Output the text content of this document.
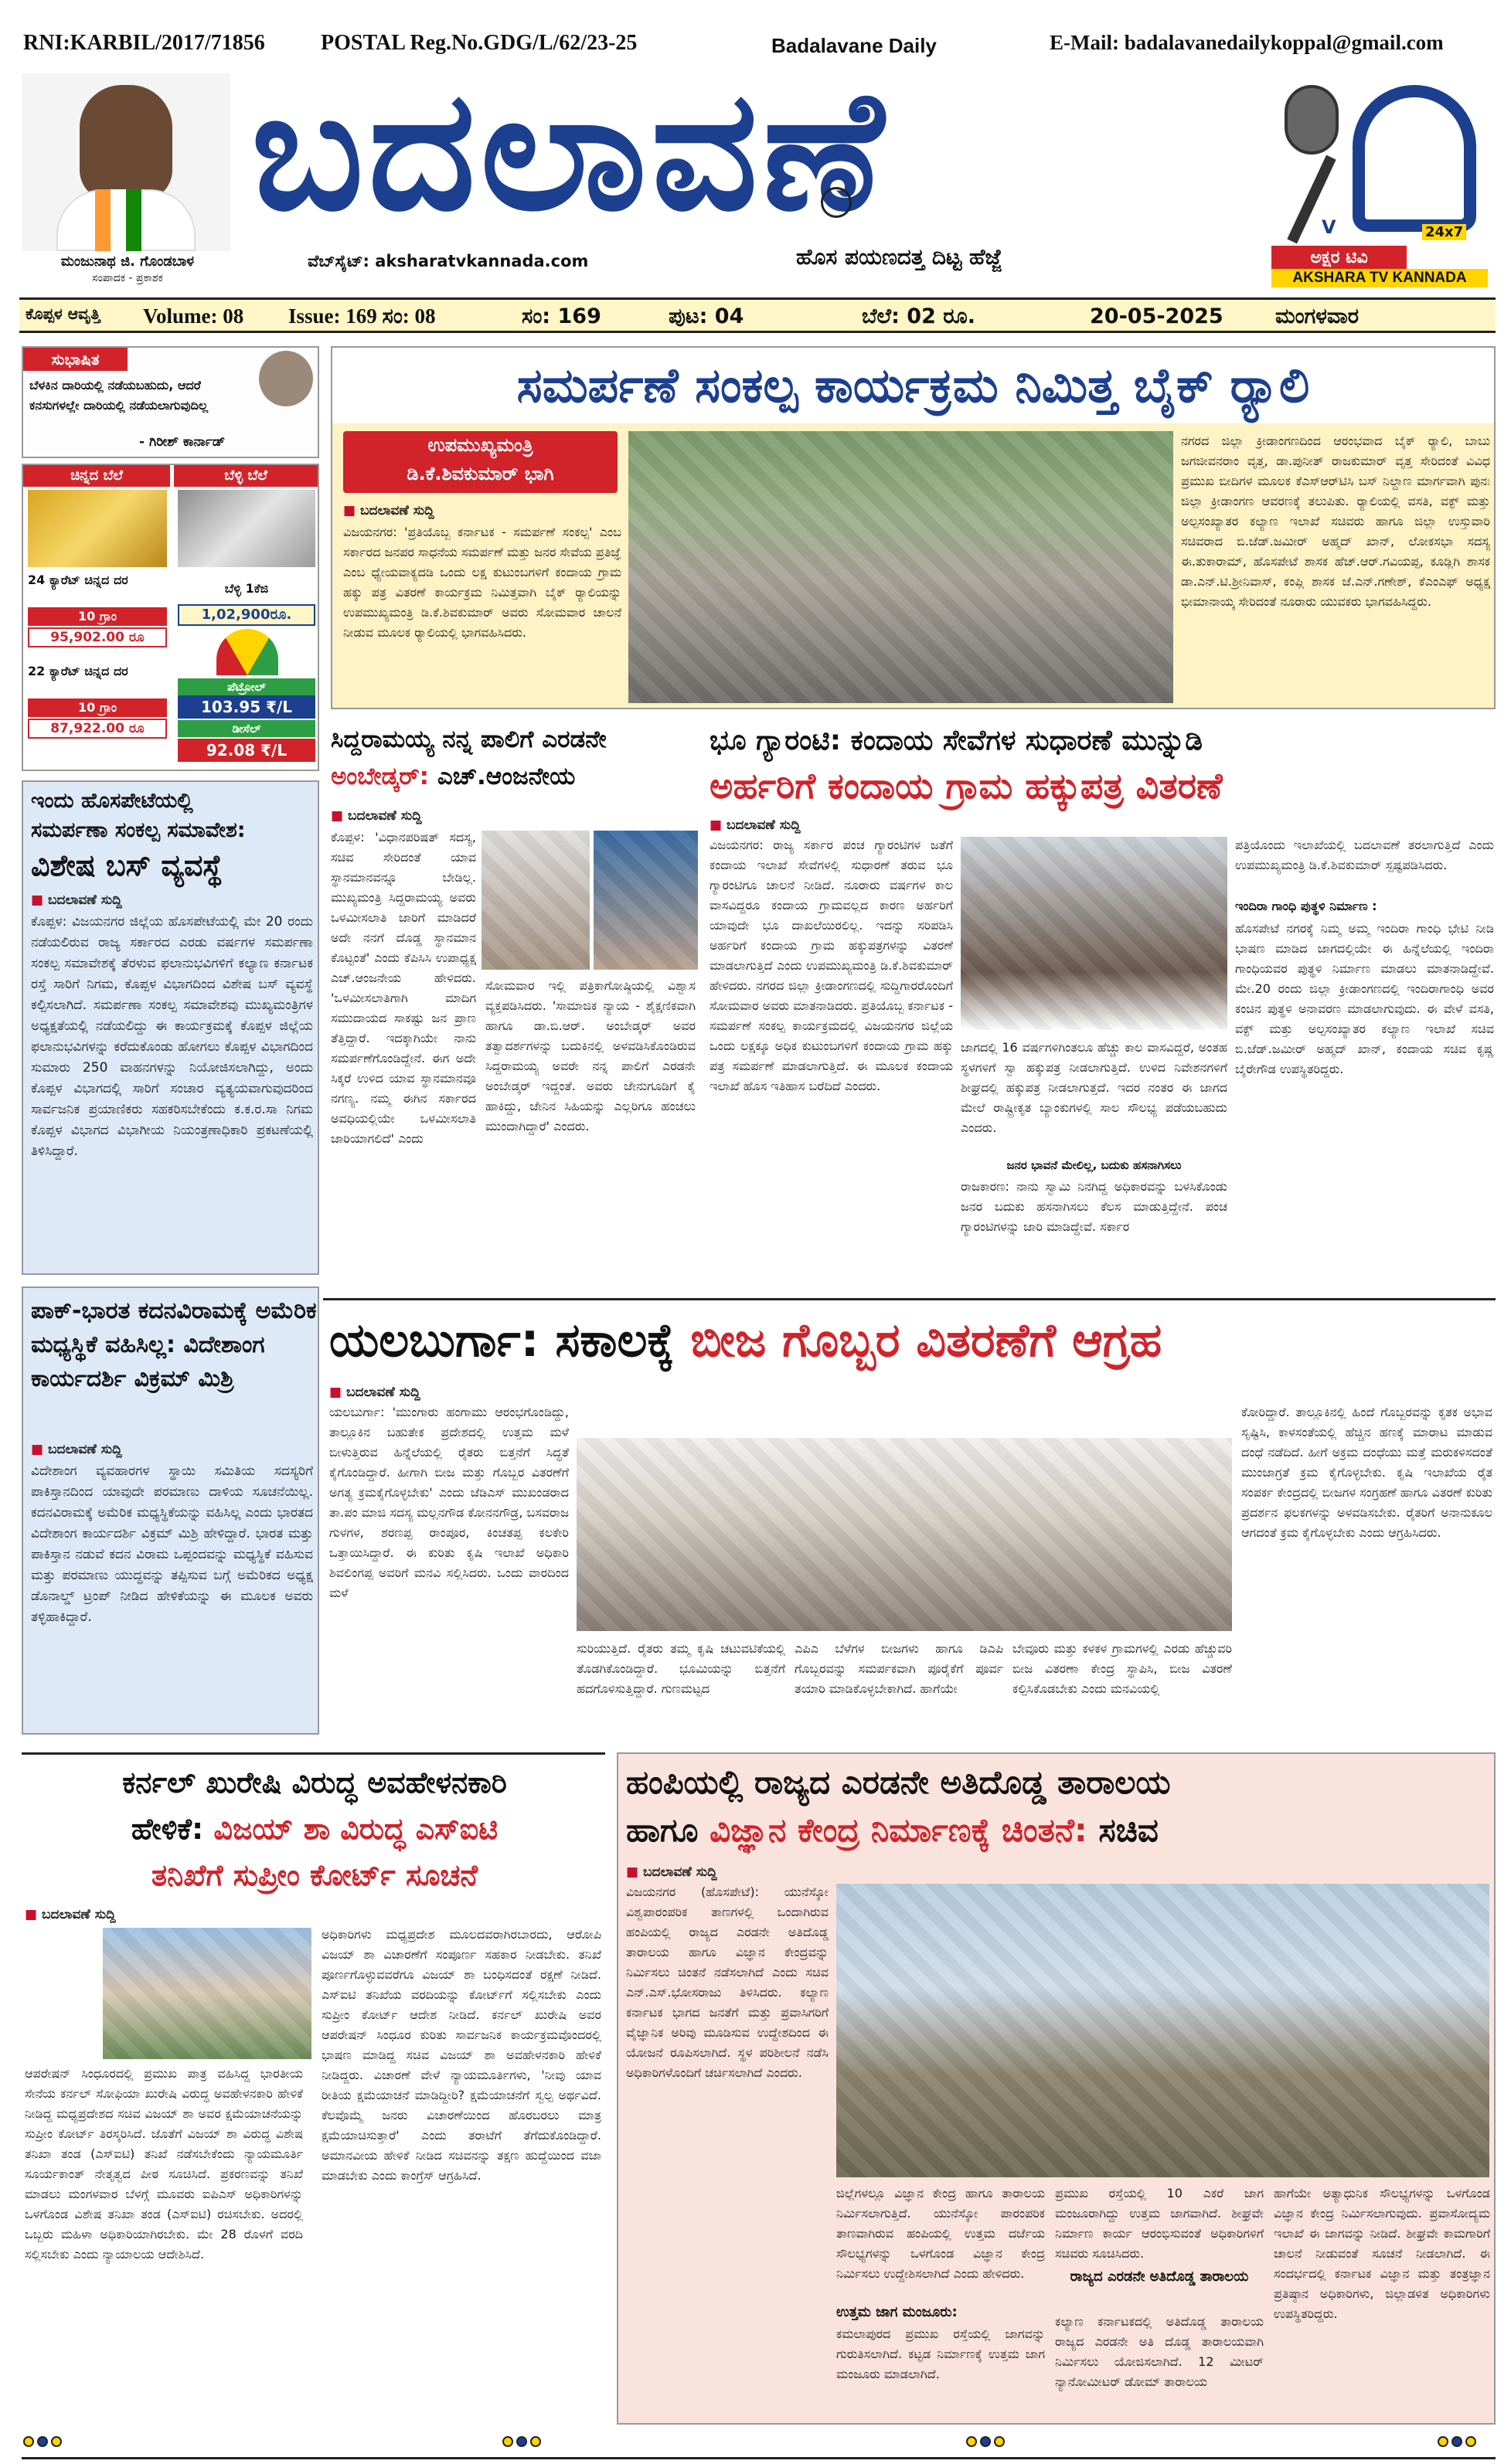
RNI:KARBIL/2017/71856	POSTAL Reg.No.GDG/L/62/23-25	Badalavane Daily	E-Mail: badalavanedailykoppal@gmail.com
ಮಂಜುನಾಥ ಜಿ. ಗೊಂಡಬಾಳ
ಸಂಪಾದಕ - ಪ್ರಕಾಶಕ
ಬದಲಾವಣೆ
ವೆಬ್‌ಸೈಟ್: aksharatvkannada.com	ಹೊಸ ಪಯಣದತ್ತ ದಿಟ್ಟ ಹೆಜ್ಜೆ
V	24x7
ಅಕ್ಷರ ಟಿವಿ
AKSHARA TV KANNADA
ಕೊಪ್ಪಳ ಆವೃತ್ತಿ Volume: 08 Issue: 169 ಸಂ: 08	ಸಂ: 169	ಪುಟ: 04	ಬೆಲೆ: 02 ರೂ.	20-05-2025 ಮಂಗಳವಾರ
ಸುಭಾಷಿತ
ಬೆಳಕಿನ ದಾರಿಯಲ್ಲಿ ನಡೆಯಬಹುದು, ಆದರೆ ಕನಸುಗಳಲ್ಲೇ ದಾರಿಯಲ್ಲಿ ನಡೆಯಲಾಗುವುದಿಲ್ಲ
- ಗಿರೀಶ್ ಕಾರ್ನಾಡ್
ಚಿನ್ನದ ಬೆಲೆ	ಬೆಳ್ಳಿ ಬೆಲೆ
24 ಕ್ಯಾರೆಟ್ ಚಿನ್ನದ ದರ
10 ಗ್ರಾಂ
95,902.00 ರೂ
22 ಕ್ಯಾರೆಟ್ ಚಿನ್ನದ ದರ
10 ಗ್ರಾಂ
87,922.00 ರೂ
ಬೆಳ್ಳಿ 1ಕೆಜಿ
1,02,900ರೂ.
ಪೆಟ್ರೋಲ್
103.95 ₹/L
ಡೀಸೆಲ್
92.08 ₹/L
ಇಂದು ಹೊಸಪೇಟೆಯಲ್ಲಿ
ಸಮರ್ಪಣಾ ಸಂಕಲ್ಪ ಸಮಾವೇಶ:
ವಿಶೇಷ ಬಸ್ ವ್ಯವಸ್ಥೆ
■ ಬದಲಾವಣೆ ಸುದ್ದಿ
ಕೊಪ್ಪಳ: ವಿಜಯನಗರ ಜಿಲ್ಲೆಯ ಹೊಸಪೇಟೆಯಲ್ಲಿ ಮೇ 20 ರಂದು ನಡೆಯಲಿರುವ ರಾಜ್ಯ ಸರ್ಕಾರದ ಎರಡು ವರ್ಷಗಳ ಸಮರ್ಪಣಾ ಸಂಕಲ್ಪ ಸಮಾವೇಶಕ್ಕೆ ತೆರಳುವ ಫಲಾನುಭವಿಗಳಿಗೆ ಕಲ್ಯಾಣ ಕರ್ನಾಟಕ ರಸ್ತೆ ಸಾರಿಗೆ ನಿಗಮ, ಕೊಪ್ಪಳ ವಿಭಾಗದಿಂದ ವಿಶೇಷ ಬಸ್ ವ್ಯವಸ್ಥೆ ಕಲ್ಪಿಸಲಾಗಿದೆ. ಸಮರ್ಪಣಾ ಸಂಕಲ್ಪ ಸಮಾವೇಶವು ಮುಖ್ಯಮಂತ್ರಿಗಳ ಅಧ್ಯಕ್ಷತೆಯಲ್ಲಿ ನಡೆಯಲಿದ್ದು ಈ ಕಾರ್ಯಕ್ರಮಕ್ಕೆ ಕೊಪ್ಪಳ ಜಿಲ್ಲೆಯ ಫಲಾನುಭವಿಗಳನ್ನು ಕರೆದುಕೊಂಡು ಹೋಗಲು ಕೊಪ್ಪಳ ವಿಭಾಗದಿಂದ ಸುಮಾರು 250 ವಾಹನಗಳನ್ನು ನಿಯೋಜಿಸಲಾಗಿದ್ದು, ಅಂದು ಕೊಪ್ಪಳ ವಿಭಾಗದಲ್ಲಿ ಸಾರಿಗೆ ಸಂಚಾರ ವ್ಯತ್ಯಯವಾಗುವುದರಿಂದ ಸಾರ್ವಜನಿಕ ಪ್ರಯಾಣಿಕರು ಸಹಕರಿಸಬೇಕೆಂದು ಕ.ಕ.ರ.ಸಾ ನಿಗಮ ಕೊಪ್ಪಳ ವಿಭಾಗದ ವಿಭಾಗೀಯ ನಿಯಂತ್ರಣಾಧಿಕಾರಿ ಪ್ರಕಟಣೆಯಲ್ಲಿ ತಿಳಿಸಿದ್ದಾರೆ.
ಪಾಕ್-ಭಾರತ ಕದನವಿರಾಮಕ್ಕೆ ಅಮೆರಿಕ ಮಧ್ಯಸ್ಥಿಕೆ ವಹಿಸಿಲ್ಲ: ವಿದೇಶಾಂಗ ಕಾರ್ಯದರ್ಶಿ ವಿಕ್ರಮ್ ಮಿಶ್ರಿ
■ ಬದಲಾವಣೆ ಸುದ್ದಿ
ವಿದೇಶಾಂಗ ವ್ಯವಹಾರಗಳ ಸ್ಥಾಯಿ ಸಮಿತಿಯ ಸದಸ್ಯರಿಗೆ ಪಾಕಿಸ್ತಾನದಿಂದ ಯಾವುದೇ ಪರಮಾಣು ದಾಳಿಯ ಸೂಚನೆಯಿಲ್ಲ. ಕದನವಿರಾಮಕ್ಕೆ ಅಮೆರಿಕ ಮಧ್ಯಸ್ಥಿಕೆಯನ್ನು ವಹಿಸಿಲ್ಲ ಎಂದು ಭಾರತದ ವಿದೇಶಾಂಗ ಕಾರ್ಯದರ್ಶಿ ವಿಕ್ರಮ್ ಮಿಶ್ರಿ ಹೇಳಿದ್ದಾರೆ. ಭಾರತ ಮತ್ತು ಪಾಕಿಸ್ತಾನ ನಡುವೆ ಕದನ ವಿರಾಮ ಒಪ್ಪಂದವನ್ನು ಮಧ್ಯಸ್ಥಿಕೆ ವಹಿಸುವ ಮತ್ತು ಪರಮಾಣು ಯುದ್ಧವನ್ನು ತಪ್ಪಿಸುವ ಬಗ್ಗೆ ಅಮೆರಿಕದ ಅಧ್ಯಕ್ಷ ಡೊನಾಲ್ಡ್ ಟ್ರಂಪ್ ನೀಡಿದ ಹೇಳಿಕೆಯನ್ನು ಈ ಮೂಲಕ ಅವರು ತಳ್ಳಿಹಾಕಿದ್ದಾರೆ.
ಸಮರ್ಪಣೆ ಸಂಕಲ್ಪ ಕಾರ್ಯಕ್ರಮ ನಿಮಿತ್ತ ಬೈಕ್ ರ್‍ಯಾಲಿ
ಉಪಮುಖ್ಯಮಂತ್ರಿ
ಡಿ.ಕೆ.ಶಿವಕುಮಾರ್ ಭಾಗಿ
■ ಬದಲಾವಣೆ ಸುದ್ದಿ
ವಿಜಯನಗರ: 'ಪ್ರತಿಯೊಬ್ಬ ಕರ್ನಾಟಕ - ಸಮರ್ಪಣೆ ಸಂಕಲ್ಪ' ಎಂಬ ಸರ್ಕಾರದ ಜನಪರ ಸಾಧನೆಯ ಸಮರ್ಪಣೆ ಮತ್ತು ಜನರ ಸೇವೆಯ ಪ್ರತಿಜ್ಞೆ ಎಂಬ ಧ್ಯೇಯವಾಕ್ಯದಡಿ ಒಂದು ಲಕ್ಷ ಕುಟುಂಬಗಳಿಗೆ ಕಂದಾಯ ಗ್ರಾಮ ಹಕ್ಕು ಪತ್ರ ವಿತರಣೆ ಕಾರ್ಯಕ್ರಮ ನಿಮಿತ್ತವಾಗಿ ಬೈಕ್ ರ್‍ಯಾಲಿಯನ್ನು ಉಪಮುಖ್ಯಮಂತ್ರಿ ಡಿ.ಕೆ.ಶಿವಕುಮಾರ್ ಅವರು ಸೋಮವಾರ ಚಾಲನೆ ನೀಡುವ ಮೂಲಕ ರ್‍ಯಾಲಿಯಲ್ಲಿ ಭಾಗವಹಿಸಿದರು.
ನಗರದ ಜಿಲ್ಲಾ ಕ್ರೀಡಾಂಗಣದಿಂದ ಆರಂಭವಾದ ಬೈಕ್ ರ್‍ಯಾಲಿ, ಬಾಬು ಜಗಜೀವನರಾಂ ವೃತ್ತ, ಡಾ.ಪುನೀತ್ ರಾಜಕುಮಾರ್ ವೃತ್ತ ಸೇರಿದಂತೆ ವಿವಿಧ ಪ್ರಮುಖ ಬೀದಿಗಳ ಮೂಲಕ ಕೆಎಸ್‌ಆರ್‌ಟಿಸಿ ಬಸ್ ನಿಲ್ದಾಣ ಮಾರ್ಗವಾಗಿ ಪುನಃ ಜಿಲ್ಲಾ ಕ್ರೀಡಾಂಗಣ ಆವರಣಕ್ಕೆ ತಲುಪಿತು. ರ್‍ಯಾಲಿಯಲ್ಲಿ ವಸತಿ, ವಕ್ಫ್ ಮತ್ತು ಅಲ್ಪಸಂಖ್ಯಾತರ ಕಲ್ಯಾಣ ಇಲಾಖೆ ಸಚಿವರು ಹಾಗೂ ಜಿಲ್ಲಾ ಉಸ್ತುವಾರಿ ಸಚಿವರಾದ ಬಿ.ಜೆಡ್.ಜಮೀರ್ ಅಹ್ಮದ್ ಖಾನ್, ಲೋಕಸಭಾ ಸದಸ್ಯ ಈ.ತುಕಾರಾಮ್, ಹೊಸಪೇಟೆ ಶಾಸಕ ಹೆಚ್.ಆರ್.ಗವಿಯಪ್ಪ, ಕೂಡ್ಲಿಗಿ ಶಾಸಕ ಡಾ.ಎನ್.ಟಿ.ಶ್ರೀನಿವಾಸ್, ಕಂಪ್ಲಿ ಶಾಸಕ ಜೆ.ಎನ್.ಗಣೇಶ್, ಕೆಎಂಎಫ್ ಅಧ್ಯಕ್ಷ ಭೀಮಾನಾಯ್ಕ ಸೇರಿದಂತೆ ನೂರಾರು ಯುವಕರು ಭಾಗವಹಿಸಿದ್ದರು.
ಸಿದ್ದರಾಮಯ್ಯ ನನ್ನ ಪಾಲಿಗೆ ಎರಡನೇ
ಅಂಬೇಡ್ಕರ್: ಎಚ್.ಆಂಜನೇಯ
■ ಬದಲಾವಣೆ ಸುದ್ದಿ
ಕೊಪ್ಪಳ: 'ವಿಧಾನಪರಿಷತ್ ಸದಸ್ಯ, ಸಚಿವ ಸೇರಿದಂತೆ ಯಾವ ಸ್ಥಾನಮಾನವನ್ನೂ ಬೇಡಿಲ್ಲ. ಮುಖ್ಯಮಂತ್ರಿ ಸಿದ್ದರಾಮಯ್ಯ ಅವರು ಒಳಮೀಸಲಾತಿ ಜಾರಿಗೆ ಮಾಡಿದರೆ ಅದೇ ನನಗೆ ದೊಡ್ಡ ಸ್ಥಾನಮಾನ ಕೊಟ್ಟಂತೆ' ಎಂದು ಕೆಪಿಸಿಸಿ ಉಪಾಧ್ಯಕ್ಷ ಎಚ್.ಆಂಜನೇಯ ಹೇಳಿದರು. 'ಒಳಮೀಸಲಾತಿಗಾಗಿ ಮಾದಿಗ ಸಮುದಾಯದ ಸಾಕಷ್ಟು ಜನ ಪ್ರಾಣ ತೆತ್ತಿದ್ದಾರೆ. ಇದಕ್ಕಾಗಿಯೇ ನಾನು ಸಮರ್ಪಣೆಗೊಂಡಿದ್ದೇನೆ. ಈಗ ಅದೇ ಸಿಕ್ಕರೆ ಉಳಿದ ಯಾವ ಸ್ಥಾನಮಾನವೂ ನಗಣ್ಯ. ನಮ್ಮ ಈಗಿನ ಸರ್ಕಾರದ ಅವಧಿಯಲ್ಲಿಯೇ ಒಳಮೀಸಲಾತಿ ಜಾರಿಯಾಗಲಿದೆ' ಎಂದು
ಸೋಮವಾರ ಇಲ್ಲಿ ಪತ್ರಿಕಾಗೋಷ್ಠಿಯಲ್ಲಿ ವಿಶ್ವಾಸ ವ್ಯಕ್ತಪಡಿಸಿದರು. 'ಸಾಮಾಜಿಕ ನ್ಯಾಯ - ಶೈಕ್ಷಣಿಕವಾಗಿ ಹಾಗೂ ಡಾ.ಬಿ.ಆರ್. ಅಂಬೇಡ್ಕರ್ ಅವರ ತತ್ವಾದರ್ಶಗಳನ್ನು ಬದುಕಿನಲ್ಲಿ ಅಳವಡಿಸಿಕೊಂಡಿರುವ ಸಿದ್ದರಾಮಯ್ಯ ಅವರೇ ನನ್ನ ಪಾಲಿಗೆ ಎರಡನೇ ಅಂಬೇಡ್ಕರ್ ಇದ್ದಂತೆ. ಅವರು ಜೇನುಗೂಡಿಗೆ ಕೈ ಹಾಕಿದ್ದು, ಜೇನಿನ ಸಿಹಿಯನ್ನು ಎಲ್ಲರಿಗೂ ಹಂಚಲು ಮುಂದಾಗಿದ್ದಾರೆ' ಎಂದರು.
ಭೂ ಗ್ಯಾರಂಟಿ: ಕಂದಾಯ ಸೇವೆಗಳ ಸುಧಾರಣೆ ಮುನ್ನುಡಿ
ಅರ್ಹರಿಗೆ ಕಂದಾಯ ಗ್ರಾಮ ಹಕ್ಕುಪತ್ರ ವಿತರಣೆ
■ ಬದಲಾವಣೆ ಸುದ್ದಿ
ವಿಜಯನಗರ: ರಾಜ್ಯ ಸರ್ಕಾರ ಪಂಚ ಗ್ಯಾರಂಟಿಗಳ ಜತೆಗೆ ಕಂದಾಯ ಇಲಾಖೆ ಸೇವೆಗಳಲ್ಲಿ ಸುಧಾರಣೆ ತರುವ ಭೂ ಗ್ಯಾರಂಟಿಗೂ ಚಾಲನೆ ನೀಡಿದೆ. ನೂರಾರು ವರ್ಷಗಳ ಕಾಲ ವಾಸವಿದ್ದರೂ ಕಂದಾಯ ಗ್ರಾಮವಲ್ಲದ ಕಾರಣ ಅರ್ಹರಿಗೆ ಯಾವುದೇ ಭೂ ದಾಖಲೆಯಿರಲಿಲ್ಲ. ಇದನ್ನು ಸರಿಪಡಿಸಿ ಅರ್ಹರಿಗೆ ಕಂದಾಯ ಗ್ರಾಮ ಹಕ್ಕುಪತ್ರಗಳನ್ನು ವಿತರಣೆ ಮಾಡಲಾಗುತ್ತಿದೆ ಎಂದು ಉಪಮುಖ್ಯಮಂತ್ರಿ ಡಿ.ಕೆ.ಶಿವಕುಮಾರ್ ಹೇಳಿದರು. ನಗರದ ಜಿಲ್ಲಾ ಕ್ರೀಡಾಂಗಣದಲ್ಲಿ ಸುದ್ದಿಗಾರರೊಂದಿಗೆ ಸೋಮವಾರ ಅವರು ಮಾತನಾಡಿದರು. ಪ್ರತಿಯೊಬ್ಬ ಕರ್ನಾಟಕ - ಸಮರ್ಪಣೆ ಸಂಕಲ್ಪ ಕಾರ್ಯಕ್ರಮದಲ್ಲಿ ವಿಜಯನಗರ ಜಿಲ್ಲೆಯ ಒಂದು ಲಕ್ಷಕ್ಕೂ ಅಧಿಕ ಕುಟುಂಬಗಳಿಗೆ ಕಂದಾಯ ಗ್ರಾಮ ಹಕ್ಕು ಪತ್ರ ಸಮರ್ಪಣೆ ಮಾಡಲಾಗುತ್ತಿದೆ. ಈ ಮೂಲಕ ಕಂದಾಯ ಇಲಾಖೆ ಹೊಸ ಇತಿಹಾಸ ಬರೆದಿದೆ ಎಂದರು.
ಜಾಗದಲ್ಲಿ 16 ವರ್ಷಗಳಿಗಿಂತಲೂ ಹೆಚ್ಚು ಕಾಲ ವಾಸವಿದ್ದರೆ, ಅಂತಹ ಸ್ಥಳಗಳಿಗೆ ಸ್ವಾ ಹಕ್ಕುಪತ್ರ ನೀಡಲಾಗುತ್ತಿದೆ. ಉಳಿದ ನಿವೇಶನಗಳಿಗೆ ಶೀಘ್ರದಲ್ಲಿ ಹಕ್ಕುಪತ್ರ ನೀಡಲಾಗುತ್ತದೆ. ಇದರ ನಂತರ ಈ ಜಾಗದ ಮೇಲೆ ರಾಷ್ಟ್ರೀಕೃತ ಬ್ಯಾಂಕುಗಳಲ್ಲಿ ಸಾಲ ಸೌಲಭ್ಯ ಪಡೆಯಬಹುದು ಎಂದರು.
ಜನರ ಭಾವನೆ ಮೇಲಿಲ್ಲ, ಬದುಕು ಹಸನಾಗಿಸಲು
ರಾಜಕಾರಣ: ನಾನು ಸ್ವಾಮಿ ನಿನಗಿದ್ದ ಅಧಿಕಾರವನ್ನು ಬಳಸಿಕೊಂಡು ಜನರ ಬದುಕು ಹಸನಾಗಿಸಲು ಕೆಲಸ ಮಾಡುತ್ತಿದ್ದೇನೆ. ಪಂಚ ಗ್ಯಾರಂಟಿಗಳನ್ನು ಜಾರಿ ಮಾಡಿದ್ದೇವೆ. ಸರ್ಕಾರ
ಪತ್ರಿಯೊಂದು ಇಲಾಖೆಯಲ್ಲಿ ಬದಲಾವಣೆ ತರಲಾಗುತ್ತಿದೆ ಎಂದು ಉಪಮುಖ್ಯಮಂತ್ರಿ ಡಿ.ಕೆ.ಶಿವಕುಮಾರ್ ಸ್ಪಷ್ಟಪಡಿಸಿದರು.
ಇಂದಿರಾ ಗಾಂಧಿ ಪುತ್ಥಳಿ ನಿರ್ಮಾಣ :
ಹೊಸಪೇಟೆ ನಗರಕ್ಕೆ ನಿಮ್ಮ ಅಮ್ಮ ಇಂದಿರಾ ಗಾಂಧಿ ಭೇಟಿ ನೀಡಿ ಭಾಷಣ ಮಾಡಿದ ಜಾಗದಲ್ಲಿಯೇ ಈ ಹಿನ್ನೆಲೆಯಲ್ಲಿ ಇಂದಿರಾ ಗಾಂಧಿಯವರ ಪುತ್ಥಳಿ ನಿರ್ಮಾಣ ಮಾಡಲು ಮಾತನಾಡಿದ್ದೇವೆ. ಮೇ.20 ರಂದು ಜಿಲ್ಲಾ ಕ್ರೀಡಾಂಗಣದಲ್ಲಿ ಇಂದಿರಾಗಾಂಧಿ ಅವರ ಕಂಚಿನ ಪುತ್ಥಳಿ ಅನಾವರಣ ಮಾಡಲಾಗುವುದು. ಈ ವೇಳೆ ವಸತಿ, ವಕ್ಫ್ ಮತ್ತು ಅಲ್ಪಸಂಖ್ಯಾತರ ಕಲ್ಯಾಣ ಇಲಾಖೆ ಸಚಿವ ಬಿ.ಜೆಡ್.ಜಮೀರ್ ಅಹ್ಮದ್ ಖಾನ್, ಕಂದಾಯ ಸಚಿವ ಕೃಷ್ಣ ಬೈರೇಗೌಡ ಉಪಸ್ಥಿತರಿದ್ದರು.
ಯಲಬುರ್ಗಾ: ಸಕಾಲಕ್ಕೆ ಬೀಜ ಗೊಬ್ಬರ ವಿತರಣೆಗೆ ಆಗ್ರಹ
■ ಬದಲಾವಣೆ ಸುದ್ದಿ
ಯಲಬುರ್ಗಾ: 'ಮುಂಗಾರು ಹಂಗಾಮು ಆರಂಭಗೊಂಡಿದ್ದು, ತಾಲ್ಲೂಕಿನ ಬಹುತೇಕ ಪ್ರದೇಶದಲ್ಲಿ ಉತ್ತಮ ಮಳೆ ಬೀಳುತ್ತಿರುವ ಹಿನ್ನೆಲೆಯಲ್ಲಿ ರೈತರು ಬಿತ್ತನೆಗೆ ಸಿದ್ಧತೆ ಕೈಗೊಂಡಿದ್ದಾರೆ. ಹೀಗಾಗಿ ಬೀಜ ಮತ್ತು ಗೊಬ್ಬರ ವಿತರಣೆಗೆ ಅಗತ್ಯ ಕ್ರಮಕೈಗೊಳ್ಳಬೇಕು' ಎಂದು ಜೆಡಿಎಸ್ ಮುಖಂಡರಾದ ತಾ.ಪಂ ಮಾಜಿ ಸದಸ್ಯ ಮಲ್ಲನಗೌಡ ಕೋನನಗೌಡ್ರ, ಬಸವರಾಜ ಗುಳಗಳ, ಶರಣಪ್ಪ ರಾಂಪೂರ, ಕಿಂಚತಪ್ಪ ಕಲಕೇರಿ ಒತ್ತಾಯಿಸಿದ್ದಾರೆ. ಈ ಕುರಿತು ಕೃಷಿ ಇಲಾಖೆ ಅಧಿಕಾರಿ ಶಿವಲಿಂಗಪ್ಪ ಅವರಿಗೆ ಮನವಿ ಸಲ್ಲಿಸಿದರು. ಒಂದು ವಾರದಿಂದ ಮಳೆ
ಸುರಿಯುತ್ತಿದೆ. ರೈತರು ತಮ್ಮ ಕೃಷಿ ಚಟುವಟಿಕೆಯಲ್ಲಿ ತೊಡಗಿಕೊಂಡಿದ್ದಾರೆ. ಭೂಮಿಯನ್ನು ಬಿತ್ತನೆಗೆ ಹದಗೊಳಿಸುತ್ತಿದ್ದಾರೆ. ಗುಣಮಟ್ಟದ
ಎಪಿಎ ಬೆಳೆಗಳ ಬೀಜಗಳು ಹಾಗೂ ಡಿಎಪಿ ಗೊಬ್ಬರವನ್ನು ಸಮರ್ಪಕವಾಗಿ ಪೂರೈಕೆಗೆ ಪೂರ್ವ ತಯಾರಿ ಮಾಡಿಕೊಳ್ಳಬೇಕಾಗಿದೆ. ಹಾಗೆಯೇ
ಬೇವೂರು ಮತ್ತು ಕಳಕಳ ಗ್ರಾಮಗಳಲ್ಲಿ ಎರಡು ಹೆಚ್ಚುವರಿ ಬೀಜ ವಿತರಣಾ ಕೇಂದ್ರ ಸ್ಥಾಪಿಸಿ, ಬೀಜ ವಿತರಣೆ ಕಲ್ಪಿಸಿಕೊಡಬೇಕು ಎಂದು ಮನವಿಯಲ್ಲಿ
ಕೋರಿದ್ದಾರೆ. ತಾಲ್ಲೂಕಿನಲ್ಲಿ ಹಿಂದೆ ಗೊಬ್ಬರವನ್ನು ಕೃತಕ ಅಭಾವ ಸೃಷ್ಟಿಸಿ, ಕಾಳಸಂತೆಯಲ್ಲಿ ಹೆಚ್ಚಿನ ಹಣಕ್ಕೆ ಮಾರಾಟ ಮಾಡುವ ದಂಧೆ ನಡೆದಿದೆ. ಹೀಗೆ ಅಕ್ರಮ ದಂಧೆಯು ಮತ್ತೆ ಮರುಕಳಿಸದಂತೆ ಮುಂಜಾಗ್ರತೆ ಕ್ರಮ ಕೈಗೊಳ್ಳಬೇಕು. ಕೃಷಿ ಇಲಾಖೆಯ ರೈತ ಸಂಪರ್ಕ ಕೇಂದ್ರದಲ್ಲಿ ಬೀಜಗಳ ಸಂಗ್ರಹಣೆ ಹಾಗೂ ವಿತರಣೆ ಕುರಿತು ಪ್ರದರ್ಶನ ಫಲಕಗಳನ್ನು ಅಳವಡಿಸಬೇಕು. ರೈತರಿಗೆ ಅನಾನುಕೂಲ ಆಗದಂತೆ ಕ್ರಮ ಕೈಗೊಳ್ಳಬೇಕು ಎಂದು ಆಗ್ರಹಿಸಿದರು.
ಕರ್ನಲ್ ಖುರೇಷಿ ವಿರುದ್ಧ ಅವಹೇಳನಕಾರಿ
ಹೇಳಿಕೆ: ವಿಜಯ್ ಶಾ ವಿರುದ್ಧ ಎಸ್‌ಐಟಿ
ತನಿಖೆಗೆ ಸುಪ್ರೀಂ ಕೋರ್ಟ್ ಸೂಚನೆ
■ ಬದಲಾವಣೆ ಸುದ್ದಿ
ಆಪರೇಷನ್ ಸಿಂಧೂರದಲ್ಲಿ ಪ್ರಮುಖ ಪಾತ್ರ ವಹಿಸಿದ್ದ ಭಾರತೀಯ ಸೇನೆಯ ಕರ್ನಲ್ ಸೋಫಿಯಾ ಖುರೇಷಿ ವಿರುದ್ಧ ಅವಹೇಳನಕಾರಿ ಹೇಳಿಕೆ ನೀಡಿದ್ದ ಮಧ್ಯಪ್ರದೇಶದ ಸಚಿವ ವಿಜಯ್ ಶಾ ಅವರ ಕ್ಷಮೆಯಾಚನೆಯನ್ನು ಸುಪ್ರೀಂ ಕೋರ್ಟ್ ತಿರಸ್ಕರಿಸಿದೆ. ಜೊತೆಗೆ ವಿಜಯ್ ಶಾ ವಿರುದ್ಧ ವಿಶೇಷ ತನಿಖಾ ತಂಡ (ಎಸ್‌ಐಟಿ) ತನಿಖೆ ನಡೆಸಬೇಕೆಂದು ನ್ಯಾಯಮೂರ್ತಿ ಸೂರ್ಯಕಾಂತ್ ನೇತೃತ್ವದ ಪೀಠ ಸೂಚಿಸಿದೆ. ಪ್ರಕರಣವನ್ನು ತನಿಖೆ ಮಾಡಲು ಮಂಗಳವಾರ ಬೆಳಗ್ಗೆ ಮೂವರು ಐಪಿಎಸ್ ಅಧಿಕಾರಿಗಳನ್ನು ಒಳಗೊಂಡ ವಿಶೇಷ ತನಿಖಾ ತಂಡ (ಎಸ್‌ಐಟಿ) ರಚಿಸಬೇಕು. ಅದರಲ್ಲಿ ಒಬ್ಬರು ಮಹಿಳಾ ಅಧಿಕಾರಿಯಾಗಿರಬೇಕು. ಮೇ 28 ರೊಳಗೆ ವರದಿ ಸಲ್ಲಿಸಬೇಕು ಎಂದು ನ್ಯಾಯಾಲಯ ಆದೇಶಿಸಿದೆ.
ಅಧಿಕಾರಿಗಳು ಮಧ್ಯಪ್ರದೇಶ ಮೂಲದವರಾಗಿರಬಾರದು, ಆರೋಪಿ ವಿಜಯ್ ಶಾ ವಿಚಾರಣೆಗೆ ಸಂಪೂರ್ಣ ಸಹಕಾರ ನೀಡಬೇಕು. ತನಿಖೆ ಪೂರ್ಣಗೊಳ್ಳುವವರೆಗೂ ವಿಜಯ್ ಶಾ ಬಂಧಿಸದಂತೆ ರಕ್ಷಣೆ ನೀಡಿದೆ. ಎಸ್‌ಐಟಿ ತನಿಖೆಯ ವರದಿಯನ್ನು ಕೋರ್ಟ್‌ಗೆ ಸಲ್ಲಿಸಬೇಕು ಎಂದು ಸುಪ್ರೀಂ ಕೋರ್ಟ್ ಆದೇಶ ನೀಡಿದೆ. ಕರ್ನಲ್ ಖುರೇಷಿ ಅವರ ಆಪರೇಷನ್ ಸಿಂಧೂರ ಕುರಿತು ಸಾರ್ವಜನಿಕ ಕಾರ್ಯಕ್ರಮವೊಂದರಲ್ಲಿ ಭಾಷಣ ಮಾಡಿದ್ದ ಸಚಿವ ವಿಜಯ್ ಶಾ ಅವಹೇಳನಕಾರಿ ಹೇಳಿಕೆ ನೀಡಿದ್ದರು. ವಿಚಾರಣೆ ವೇಳೆ ನ್ಯಾಯಮೂರ್ತಿಗಳು, 'ನೀವು ಯಾವ ರೀತಿಯ ಕ್ಷಮೆಯಾಚನೆ ಮಾಡಿದ್ದೀರಿ? ಕ್ಷಮೆಯಾಚನೆಗೆ ಸ್ವಲ್ಪ ಅರ್ಥವಿದೆ. ಕೆಲವೊಮ್ಮೆ ಜನರು ವಿಚಾರಣೆಯಿಂದ ಹೊರಬರಲು ಮಾತ್ರ ಕ್ಷಮೆಯಾಚಿಸುತ್ತಾರೆ' ಎಂದು ತರಾಟೆಗೆ ತೆಗೆದುಕೊಂಡಿದ್ದಾರೆ. ಅಮಾನವೀಯ ಹೇಳಿಕೆ ನೀಡಿದ ಸಚಿವನನ್ನು ತಕ್ಷಣ ಹುದ್ದೆಯಿಂದ ವಜಾ ಮಾಡಬೇಕು ಎಂದು ಕಾಂಗ್ರೆಸ್ ಆಗ್ರಹಿಸಿದೆ.
ಹಂಪಿಯಲ್ಲಿ ರಾಜ್ಯದ ಎರಡನೇ ಅತಿದೊಡ್ಡ ತಾರಾಲಯ
ಹಾಗೂ ವಿಜ್ಞಾನ ಕೇಂದ್ರ ನಿರ್ಮಾಣಕ್ಕೆ ಚಿಂತನೆ: ಸಚಿವ
■ ಬದಲಾವಣೆ ಸುದ್ದಿ
ವಿಜಯನಗರ (ಹೊಸಪೇಟೆ): ಯುನೆಸ್ಕೋ ವಿಶ್ವಪಾರಂಪರಿಕ ತಾಣಗಳಲ್ಲಿ ಒಂದಾಗಿರುವ ಹಂಪಿಯಲ್ಲಿ ರಾಜ್ಯದ ಎರಡನೇ ಅತಿದೊಡ್ಡ ತಾರಾಲಯ ಹಾಗೂ ವಿಜ್ಞಾನ ಕೇಂದ್ರವನ್ನು ನಿರ್ಮಿಸಲು ಚಿಂತನೆ ನಡೆಸಲಾಗಿದೆ ಎಂದು ಸಚಿವ ಎನ್.ಎಸ್.ಭೋಸರಾಜು ತಿಳಿಸಿದರು. ಕಲ್ಯಾಣ ಕರ್ನಾಟಕ ಭಾಗದ ಜನತೆಗೆ ಮತ್ತು ಪ್ರವಾಸಿಗರಿಗೆ ವೈಜ್ಞಾನಿಕ ಅರಿವು ಮೂಡಿಸುವ ಉದ್ದೇಶದಿಂದ ಈ ಯೋಜನೆ ರೂಪಿಸಲಾಗಿದೆ. ಸ್ಥಳ ಪರಿಶೀಲನೆ ನಡೆಸಿ ಅಧಿಕಾರಿಗಳೊಂದಿಗೆ ಚರ್ಚಿಸಲಾಗಿದೆ ಎಂದರು.
ಜಿಲ್ಲೆಗಳಲ್ಲೂ ವಿಜ್ಞಾನ ಕೇಂದ್ರ ಹಾಗೂ ತಾರಾಲಯ ನಿರ್ಮಿಸಲಾಗುತ್ತಿದೆ. ಯುನೆಸ್ಕೋ ಪಾರಂಪರಿಕ ತಾಣವಾಗಿರುವ ಹಂಪಿಯಲ್ಲಿ ಉತ್ತಮ ದರ್ಜೆಯ ಸೌಲಭ್ಯಗಳನ್ನು ಒಳಗೊಂಡ ವಿಜ್ಞಾನ ಕೇಂದ್ರ ನಿರ್ಮಿಸಲು ಉದ್ದೇಶಿಸಲಾಗಿದೆ ಎಂದು ಹೇಳಿದರು.
ಉತ್ತಮ ಜಾಗ ಮಂಜೂರು:
ಕಮಲಾಪುರದ ಪ್ರಮುಖ ರಸ್ತೆಯಲ್ಲಿ ಜಾಗವನ್ನು ಗುರುತಿಸಲಾಗಿದೆ. ಕಟ್ಟಡ ನಿರ್ಮಾಣಕ್ಕೆ ಉತ್ತಮ ಜಾಗ ಮಂಜೂರು ಮಾಡಲಾಗಿದೆ.
ಪ್ರಮುಖ ರಸ್ತೆಯಲ್ಲಿ 10 ಎಕರೆ ಜಾಗ ಮಂಜೂರಾಗಿದ್ದು ಉತ್ತಮ ಜಾಗವಾಗಿದೆ. ಶೀಘ್ರವೇ ನಿರ್ಮಾಣ ಕಾರ್ಯ ಆರಂಭಿಸುವಂತೆ ಅಧಿಕಾರಿಗಳಿಗೆ ಸಚಿವರು ಸೂಚಿಸಿದರು.
ರಾಜ್ಯದ ಎರಡನೇ ಅತಿದೊಡ್ಡ ತಾರಾಲಯ
ಕಲ್ಯಾಣ ಕರ್ನಾಟಕದಲ್ಲಿ ಅತಿದೊಡ್ಡ ತಾರಾಲಯ ರಾಜ್ಯದ ಎರಡನೇ ಅತಿ ದೊಡ್ಡ ತಾರಾಲಯವಾಗಿ ನಿರ್ಮಿಸಲು ಯೋಜಿಸಲಾಗಿದೆ. 12 ಮೀಟರ್ ನ್ಯಾನೋಮೀಟರ್ ಡೋಮ್ ತಾರಾಲಯ
ಹಾಗೆಯೇ ಅತ್ಯಾಧುನಿಕ ಸೌಲಭ್ಯಗಳನ್ನು ಒಳಗೊಂಡ ವಿಜ್ಞಾನ ಕೇಂದ್ರ ನಿರ್ಮಿಸಲಾಗುವುದು. ಪ್ರವಾಸೋದ್ಯಮ ಇಲಾಖೆ ಈ ಜಾಗವನ್ನು ನೀಡಿದೆ. ಶೀಘ್ರವೇ ಕಾಮಗಾರಿಗೆ ಚಾಲನೆ ನೀಡುವಂತೆ ಸೂಚನೆ ನೀಡಲಾಗಿದೆ. ಈ ಸಂದರ್ಭದಲ್ಲಿ ಕರ್ನಾಟಕ ವಿಜ್ಞಾನ ಮತ್ತು ತಂತ್ರಜ್ಞಾನ ಪ್ರತಿಷ್ಠಾನ ಅಧಿಕಾರಿಗಳು, ಜಿಲ್ಲಾಡಳಿತ ಅಧಿಕಾರಿಗಳು ಉಪಸ್ಥಿತರಿದ್ದರು.
